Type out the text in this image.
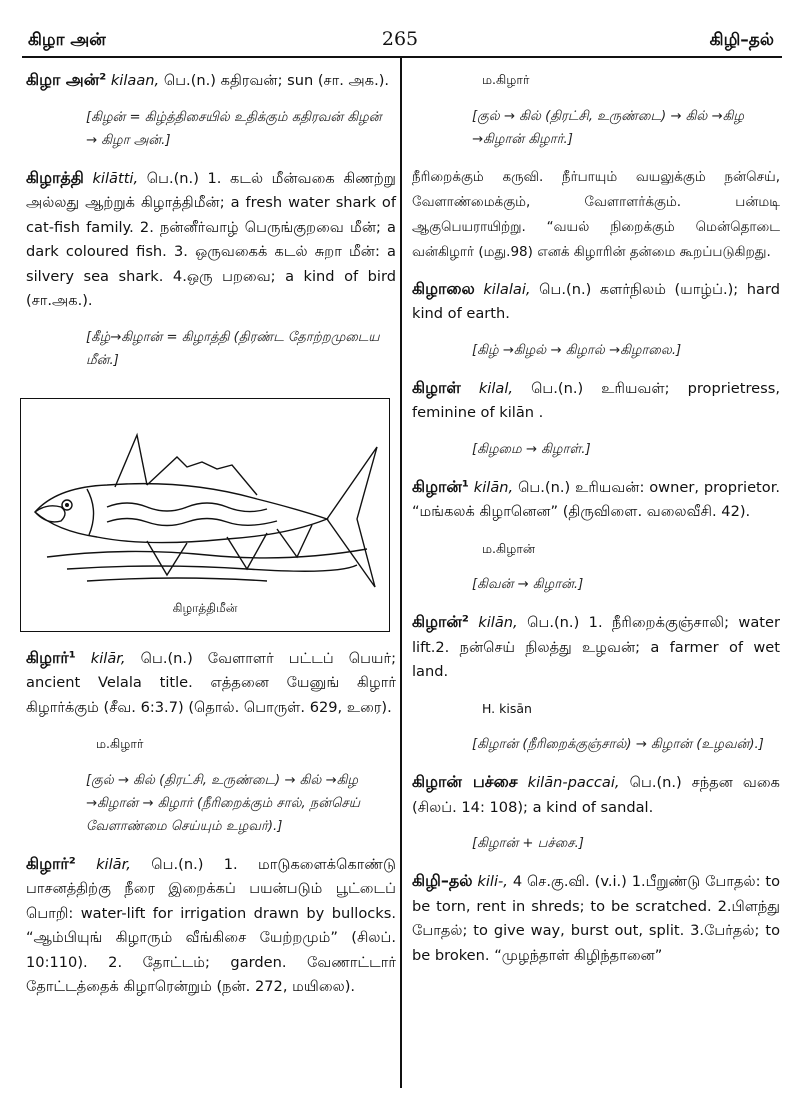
கிழா அன்	265	கிழி–தல்
கிழா அன்² kilaan, பெ.(n.) கதிரவன்; sun (சா. அக.).
[கிழன் = கிழ்த்திசையில் உதிக்கும் கதிரவன் கிழன் → கிழா அன்.]
கிழாத்தி kilātti, பெ.(n.) 1. கடல் மீன்வகை கிணற்று அல்லது ஆற்றுக் கிழாத்திமீன்; a fresh water shark of cat-fish family. 2. நன்னீர்வாழ் பெருங்குறவை மீன்; a dark coloured fish. 3. ஒருவகைக் கடல் சுறா மீன்: a silvery sea shark. 4.ஒரு பறவை; a kind of bird (சா.அக.).
[கீழ்→கிழான் = கிழாத்தி (திரண்ட தோற்றமுடைய மீன்.]
கிழாத்திமீன்
கிழார்¹ kilār, பெ.(n.) வேளாளர் பட்டப் பெயர்; ancient Velala title. எத்தனை யேனுங் கிழார் கிழார்க்கும் (சீவ. 6:3.7) (தொல். பொருள். 629, உரை).
ம.கிழார்
[குல் → கில் (திரட்சி, உருண்டை) → கில் →கிழ →கிழான் → கிழார் (நீரிறைக்கும் சால், நன்செய் வேளாண்மை செய்யும் உழவர்).]
கிழார்² kilār, பெ.(n.) 1. மாடுகளைக்கொண்டு பாசனத்திற்கு நீரை இறைக்கப் பயன்படும் பூட்டைப் பொறி: water-lift for irrigation drawn by bullocks. “ஆம்பியுங் கிழாரும் வீங்கிசை யேற்றமும்” (சிலப். 10:110). 2. தோட்டம்; garden. வேணாட்டார் தோட்டத்தைக் கிழாரென்றும் (நன். 272, மயிலை).
ம.கிழார்
[குல் → கில் (திரட்சி, உருண்டை) → கில் →கிழ →கிழான் கிழார்.]
நீரிறைக்கும் கருவி. நீர்பாயும் வயலுக்கும் நன்செய், வேளாண்மைக்கும், வேளாளர்க்கும். பன்மடி ஆகுபெயராயிற்று. “வயல் நிறைக்கும் மென்தொடை வன்கிழார் (மது.98) எனக் கிழாரின் தன்மை கூறப்படுகிறது.
கிழாலை kilalai, பெ.(n.) களர்நிலம் (யாழ்ப்.); hard kind of earth.
[கிழ் →கிழல் → கிழால் →கிழாலை.]
கிழாள் kilal, பெ.(n.) உரியவள்; proprietress, feminine of kilān .
[கிழமை → கிழாள்.]
கிழான்¹ kilān, பெ.(n.) உரியவன்: owner, proprietor. “மங்கலக் கிழானென” (திருவிளை. வலைவீசி. 42).
ம.கிழான்
[கிவன் → கிழான்.]
கிழான்² kilān, பெ.(n.) 1. நீரிறைக்குஞ்சாலி; water lift.2. நன்செய் நிலத்து உழவன்; a farmer of wet land.
H. kisān
[கிழான் (நீரிறைக்குஞ்சால்) → கிழான் (உழவன்).]
கிழான் பச்சை kilān-paccai, பெ.(n.) சந்தன வகை (சிலப். 14: 108); a kind of sandal.
[கிழான் + பச்சை.]
கிழி–தல் kili-, 4 செ.கு.வி. (v.i.) 1.பீறுண்டு போதல்: to be torn, rent in shreds; to be scratched. 2.பிளந்து போதல்; to give way, burst out, split. 3.பேர்தல்; to be broken. “முழந்தாள் கிழிந்தானை”
